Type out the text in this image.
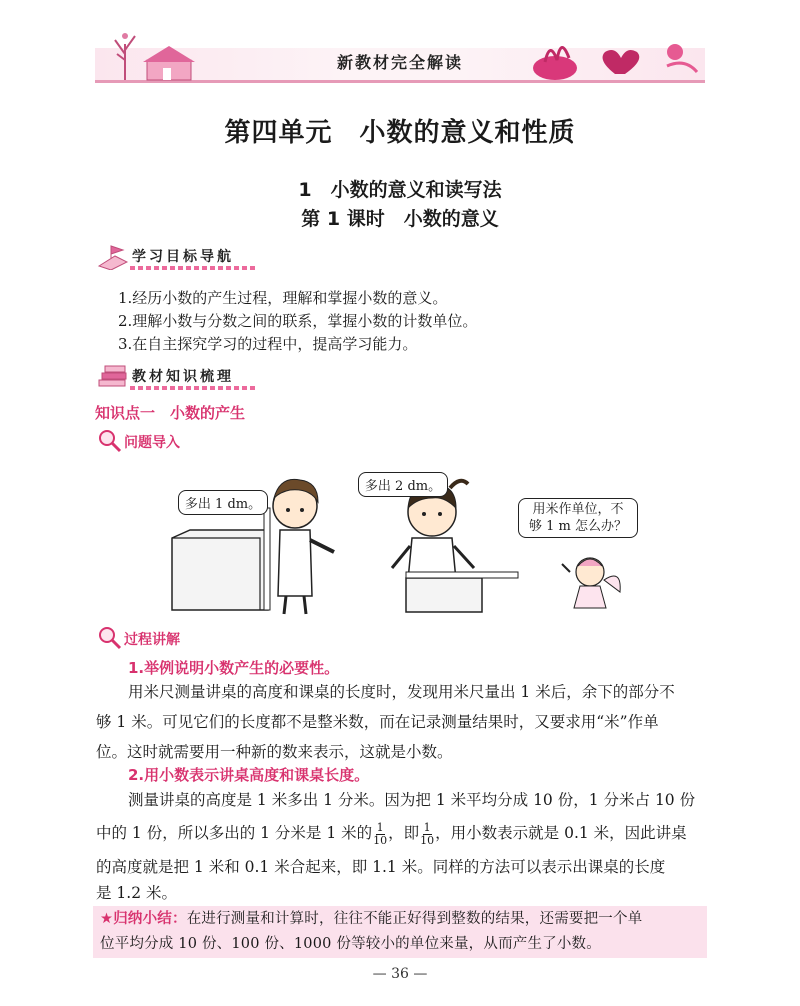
新教材完全解读
第四单元　小数的意义和性质
1　小数的意义和读写法
第 1 课时　小数的意义
学习目标导航
1.经历小数的产生过程，理解和掌握小数的意义。
2.理解小数与分数之间的联系，掌握小数的计数单位。
3.在自主探究学习的过程中，提高学习能力。
教材知识梳理
知识点一　小数的产生
问题导入
多出 1 dm。
多出 2 dm。
用米作单位，不
够 1 m 怎么办？
过程讲解
1.举例说明小数产生的必要性。
用米尺测量讲桌的高度和课桌的长度时，发现用米尺量出 1 米后，余下的部分不
够 1 米。可见它们的长度都不是整米数，而在记录测量结果时，又要求用“米”作单
位。这时就需要用一种新的数来表示，这就是小数。
2.用小数表示讲桌高度和课桌长度。
测量讲桌的高度是 1 米多出 1 分米。因为把 1 米平均分成 10 份，1 分米占 10 份
中的 1 份，所以多出的 1 分米是 1 米的 $\frac{1}{10}$ ，即 $\frac{1}{10}$ ，用小数表示就是 0.1 米，因此讲桌
的高度就是把 1 米和 0.1 米合起来，即 1.1 米。同样的方法可以表示出课桌的长度
是 1.2 米。
★归纳小结：在进行测量和计算时，往往不能正好得到整数的结果，还需要把一个单
位平均分成 10 份、100 份、1000 份等较小的单位来量，从而产生了小数。
— 36 —
